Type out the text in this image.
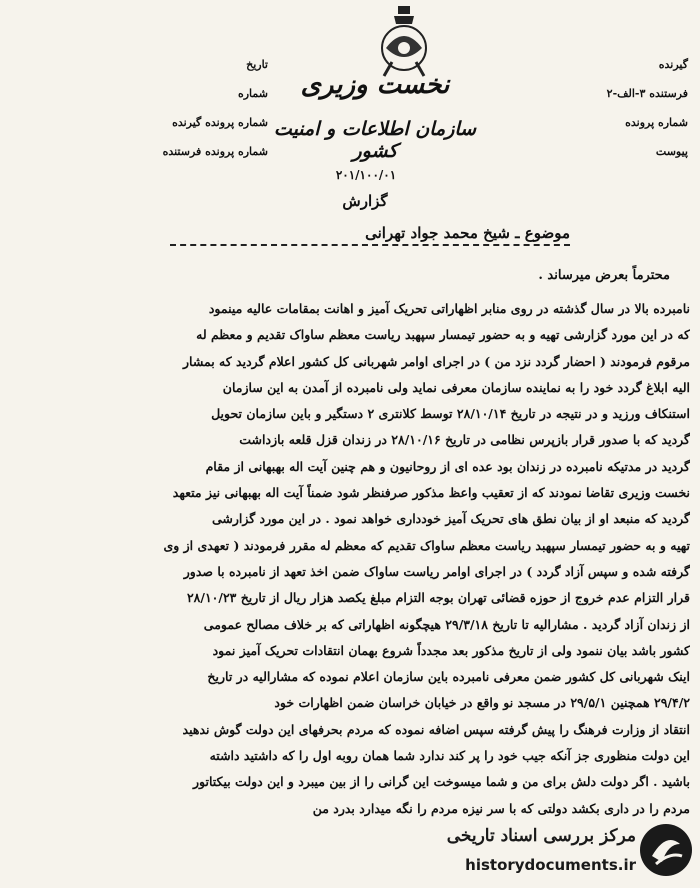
تاریخ
شماره
شماره پرونده گیرنده
شماره پرونده فرستنده
گیرنده
فرستنده ۳-الف-۲
شماره پرونده
پیوست
نخست وزیری
سازمان اطلاعات و امنیت کشور
۲۰۱/۱۰۰/۰۱
گزارش
موضوع ـ شیخ محمد جواد تهرانی
محترماً بعرض میرساند .
نامبرده بالا در سال گذشته در روی منابر اظهاراتی تحریک آمیز و اهانت بمقامات عالیه مینمود
که در این مورد گزارشی تهیه و به حضور تیمسار سپهبد ریاست معظم ساواک تقدیم و معظم له
مرقوم فرمودند ( احضار گردد نزد من ) در اجرای اوامر شهربانی کل کشور اعلام گردید که بمشار
الیه ابلاغ گردد خود را به نماینده سازمان معرفی نماید ولی نامبرده از آمدن به این سازمان
استنکاف ورزید و در نتیجه در تاریخ ۲۸/۱۰/۱۴ توسط کلانتری ۲ دستگیر و باین سازمان تحویل
گردید که با صدور قرار بازپرس نظامی در تاریخ ۲۸/۱۰/۱۶ در زندان قزل قلعه بازداشت
گردید در مدتیکه نامبرده در زندان بود عده ای از روحانیون و هم چنین آیت اله بهبهانی از مقام
نخست وزیری تقاضا نمودند که از تعقیب واعظ مذکور صرفنظر شود ضمناً آیت اله بهبهانی نیز متعهد
گردید که منبعد او از بیان نطق های تحریک آمیز خودداری خواهد نمود . در این مورد گزارشی
تهیه و به حضور تیمسار سپهبد ریاست معظم ساواک تقدیم که معظم له مقرر فرمودند ( تعهدی از وی
گرفته شده و سپس آزاد گردد ) در اجرای اوامر ریاست ساواک ضمن اخذ تعهد از نامبرده با صدور
قرار التزام عدم خروج از حوزه قضائی تهران بوجه التزام مبلغ یکصد هزار ریال از تاریخ ۲۸/۱۰/۲۳
از زندان آزاد گردید . مشارالیه تا تاریخ ۲۹/۳/۱۸ هیچگونه اظهاراتی که بر خلاف مصالح عمومی
کشور باشد بیان ننمود ولی از تاریخ مذکور بعد مجدداً شروع بهمان انتقادات تحریک آمیز نمود
اینک شهربانی کل کشور ضمن معرفی نامبرده باین سازمان اعلام نموده که مشارالیه در تاریخ
۲۹/۴/۲ همچنین ۲۹/۵/۱ در مسجد نو واقع در خیابان خراسان ضمن اظهارات خود
انتقاد از وزارت فرهنگ را پیش گرفته سپس اضافه نموده که مردم بحرفهای این دولت گوش ندهید
این دولت منظوری جز آنکه جیب خود را پر کند ندارد شما همان روبه اول را که داشتید داشته
باشید . اگر دولت دلش برای من و شما میسوخت این گرانی را از بین میبرد و این دولت بیکتاتور
مردم را در داری بکشد دولتی که با سر نیزه مردم را نگه میدارد بدرد من
مرکز بررسی اسناد تاریخی
historydocuments.ir
